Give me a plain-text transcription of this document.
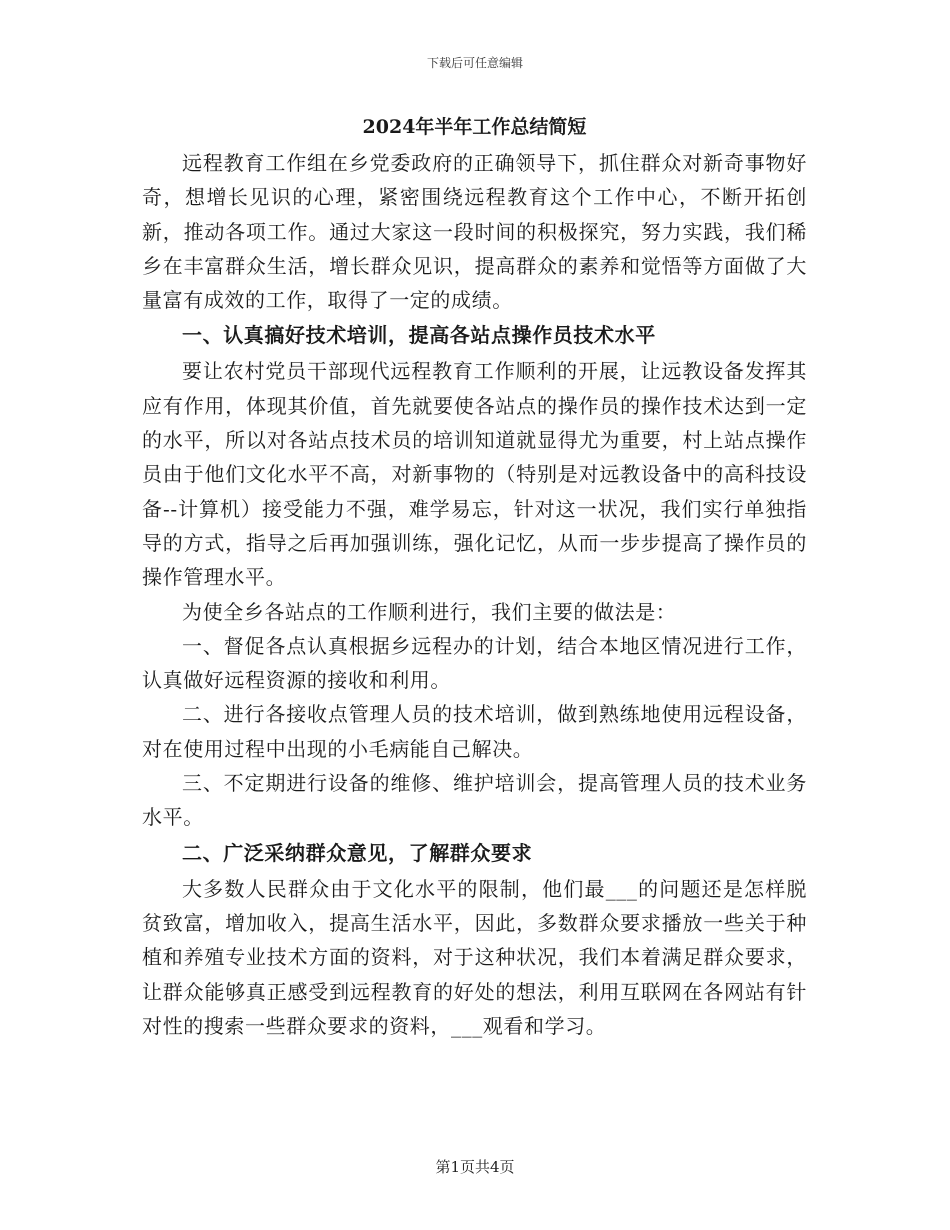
下载后可任意编辑
2024年半年工作总结简短

远程教育工作组在乡党委政府的正确领导下，抓住群众对新奇事物好奇，想增长见识的心理，紧密围绕远程教育这个工作中心，不断开拓创新，推动各项工作。通过大家这一段时间的积极探究，努力实践，我们稀乡在丰富群众生活，增长群众见识，提高群众的素养和觉悟等方面做了大量富有成效的工作，取得了一定的成绩。

一、认真搞好技术培训，提高各站点操作员技术水平

要让农村党员干部现代远程教育工作顺利的开展，让远教设备发挥其应有作用，体现其价值，首先就要使各站点的操作员的操作技术达到一定的水平，所以对各站点技术员的培训知道就显得尤为重要，村上站点操作员由于他们文化水平不高，对新事物的（特别是对远教设备中的高科技设备--计算机）接受能力不强，难学易忘，针对这一状况，我们实行单独指导的方式，指导之后再加强训练，强化记忆，从而一步步提高了操作员的操作管理水平。

为使全乡各站点的工作顺利进行，我们主要的做法是：

一、督促各点认真根据乡远程办的计划，结合本地区情况进行工作，认真做好远程资源的接收和利用。

二、进行各接收点管理人员的技术培训，做到熟练地使用远程设备，对在使用过程中出现的小毛病能自己解决。

三、不定期进行设备的维修、维护培训会，提高管理人员的技术业务水平。

二、广泛采纳群众意见，了解群众要求

大多数人民群众由于文化水平的限制，他们最___的问题还是怎样脱贫致富，增加收入，提高生活水平，因此，多数群众要求播放一些关于种植和养殖专业技术方面的资料，对于这种状况，我们本着满足群众要求，让群众能够真正感受到远程教育的好处的想法，利用互联网在各网站有针对性的搜索一些群众要求的资料，___观看和学习。

第1页共4页
